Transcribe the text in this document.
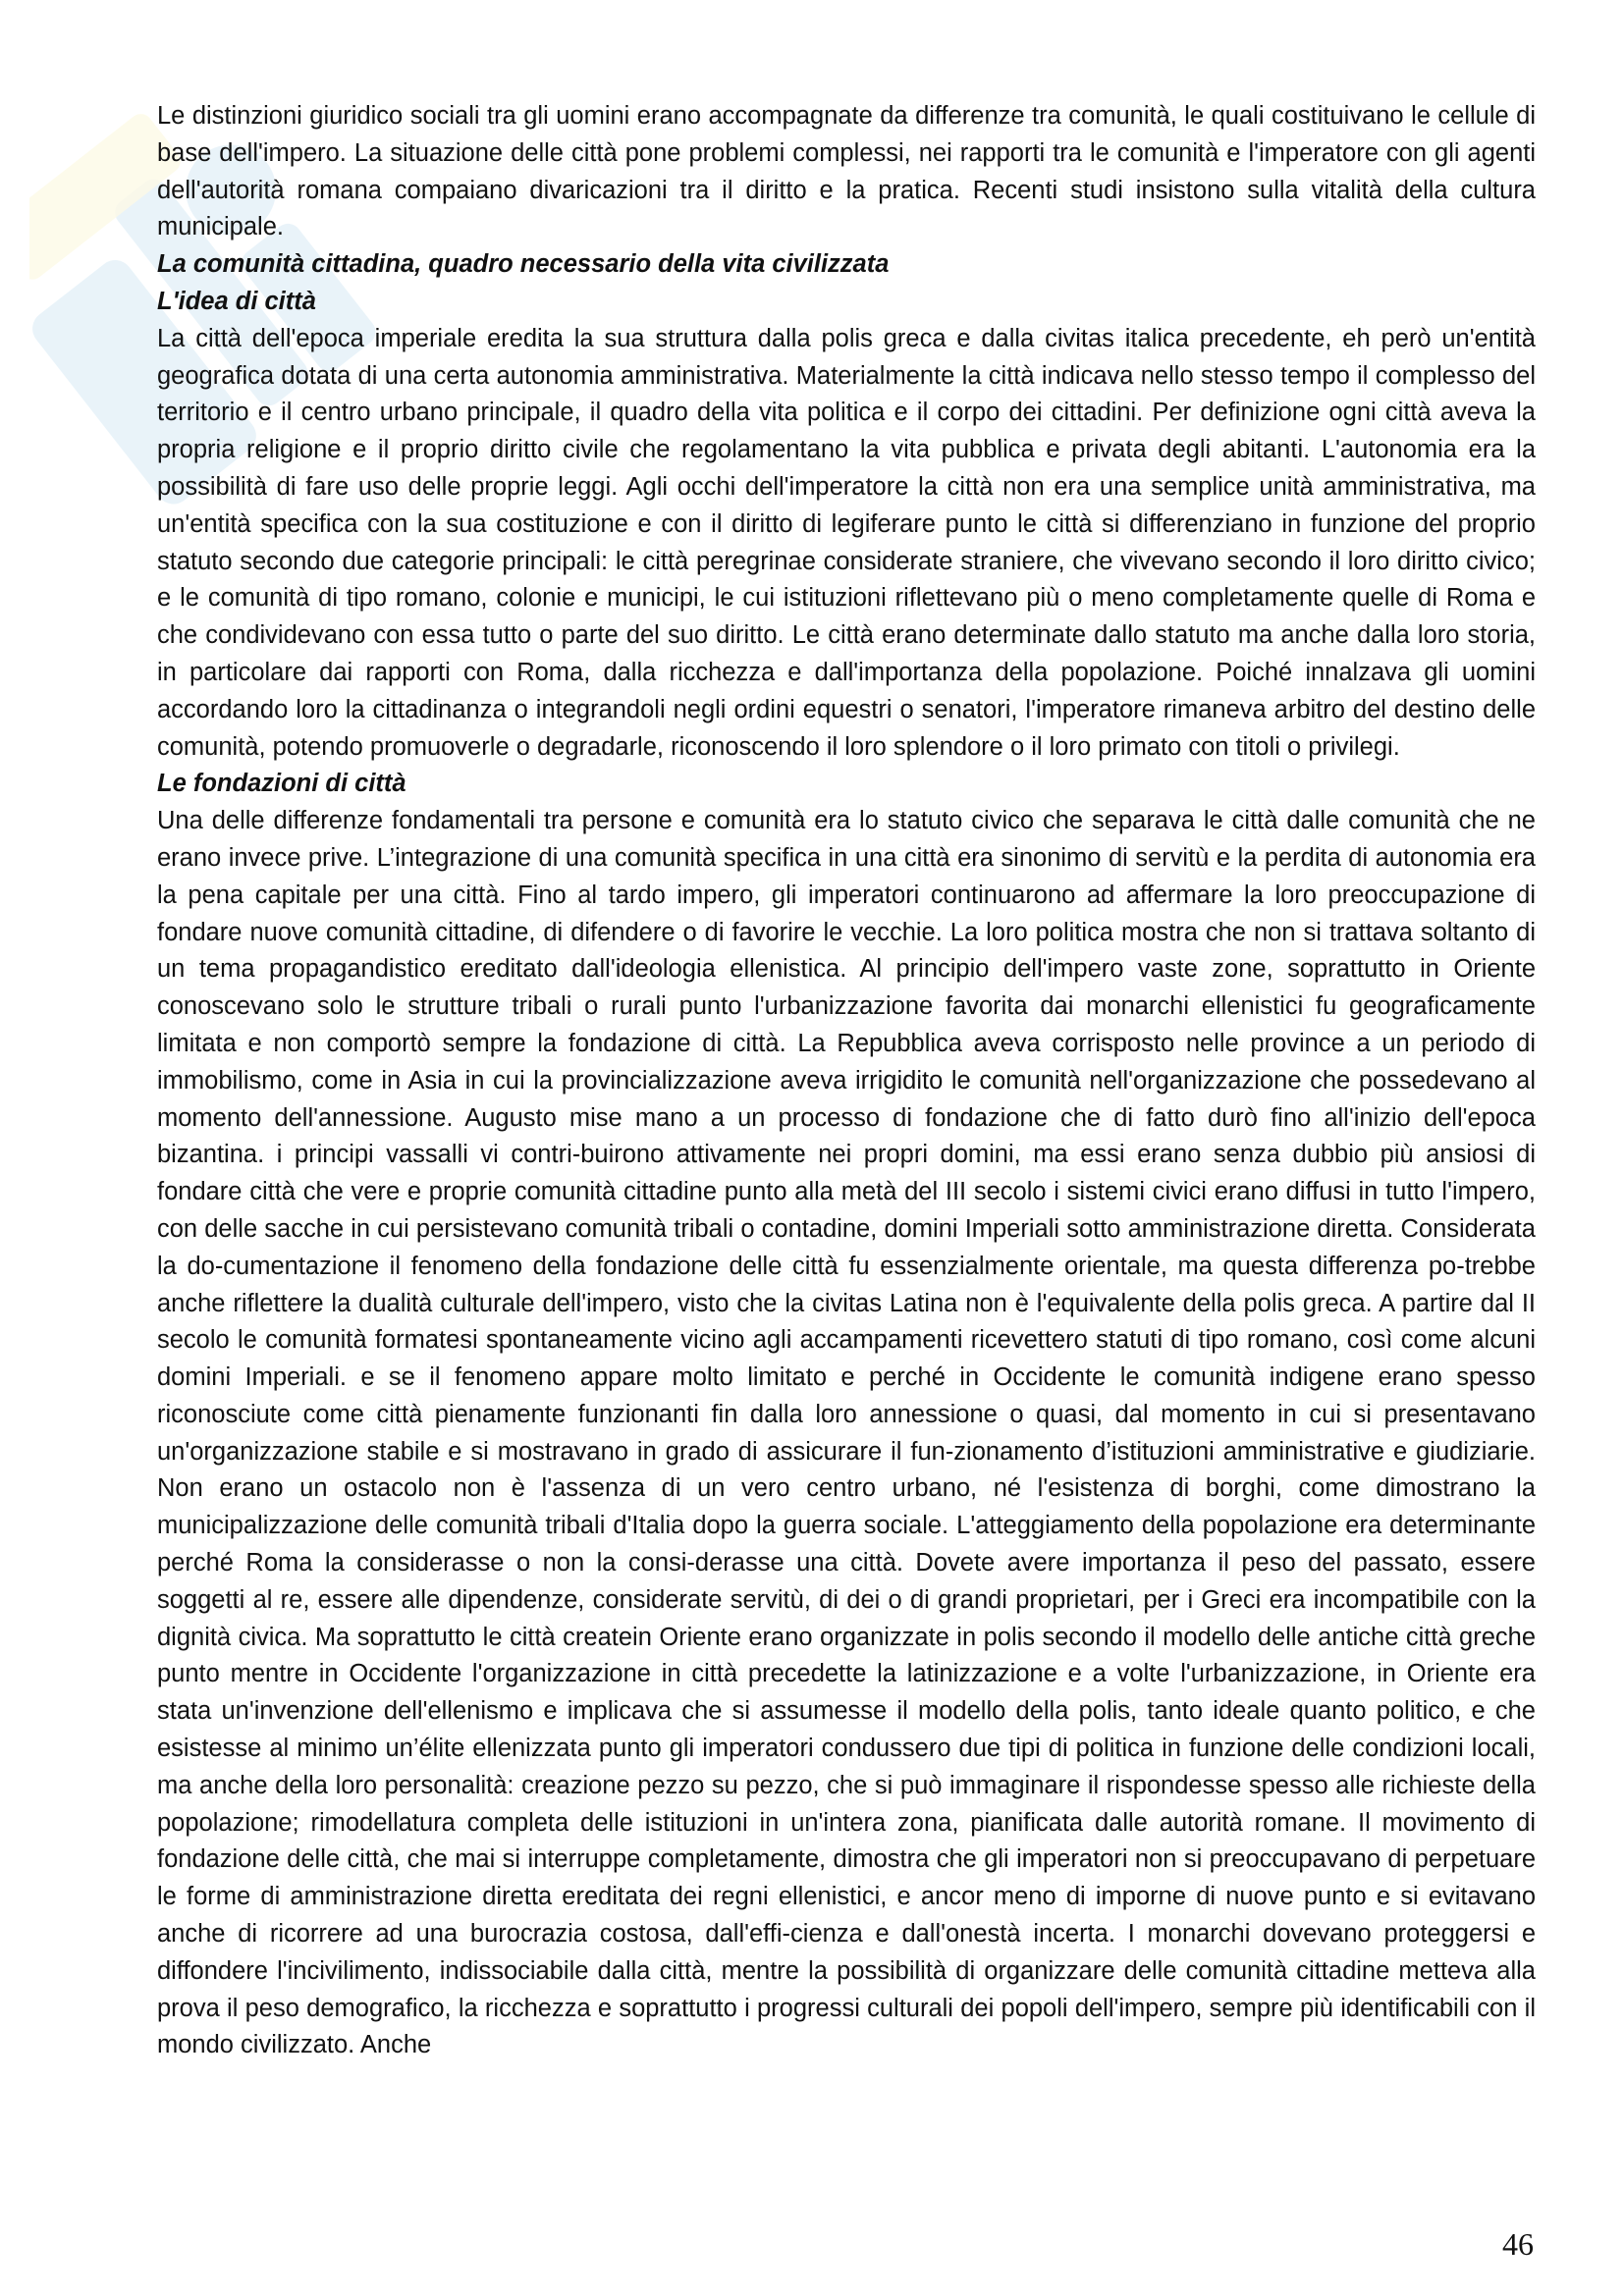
Le distinzioni giuridico sociali tra gli uomini erano accompagnate da differenze tra comunità, le quali costituivano le cellule di base dell'impero. La situazione delle città pone problemi complessi, nei rapporti tra le comunità e l'imperatore con gli agenti dell'autorità romana compaiano divaricazioni tra il diritto e la pratica. Recenti studi insistono sulla vitalità della cultura municipale.

La comunità cittadina, quadro necessario della vita civilizzata
L'idea di città

La città dell'epoca imperiale eredita la sua struttura dalla polis greca e dalla civitas italica precedente, eh però un'entità geografica dotata di una certa autonomia amministrativa. Materialmente la città indicava nello stesso tempo il complesso del territorio e il centro urbano principale, il quadro della vita politica e il corpo dei cittadini. Per definizione ogni città aveva la propria religione e il proprio diritto civile che regolamentano la vita pubblica e privata degli abitanti. L'autonomia era la possibilità di fare uso delle proprie leggi. Agli occhi dell'imperatore la città non era una semplice unità amministrativa, ma un'entità specifica con la sua costituzione e con il diritto di legiferare punto le città si differenziano in funzione del proprio statuto secondo due categorie principali: le città peregrinae considerate straniere, che vivevano secondo il loro diritto civico; e le comunità di tipo romano, colonie e municipi, le cui istituzioni riflettevano più o meno completamente quelle di Roma e che condividevano con essa tutto o parte del suo diritto. Le città erano determinate dallo statuto ma anche dalla loro storia, in particolare dai rapporti con Roma, dalla ricchezza e dall'importanza della popolazione. Poiché innalzava gli uomini accordando loro la cittadinanza o integrandoli negli ordini equestri o senatori, l'imperatore rimaneva arbitro del destino delle comunità, potendo promuoverle o degradarle, riconoscendo il loro splendore o il loro primato con titoli o privilegi.

Le fondazioni di città

Una delle differenze fondamentali tra persone e comunità era lo statuto civico che separava le città dalle comunità che ne erano invece prive. L’integrazione di una comunità specifica in una città era sinonimo di servitù e la perdita di autonomia era la pena capitale per una città. Fino al tardo impero, gli imperatori continuarono ad affermare la loro preoccupazione di fondare nuove comunità cittadine, di difendere o di favorire le vecchie. La loro politica mostra che non si trattava soltanto di un tema propagandistico ereditato dall'ideologia ellenistica. Al principio dell'impero vaste zone, soprattutto in Oriente conoscevano solo le strutture tribali o rurali punto l'urbanizzazione favorita dai monarchi ellenistici fu geograficamente limitata e non comportò sempre la fondazione di città. La Repubblica aveva corrisposto nelle province a un periodo di immobilismo, come in Asia in cui la provincializzazione aveva irrigidito le comunità nell'organizzazione che possedevano al momento dell'annessione. Augusto mise mano a un processo di fondazione che di fatto durò fino all'inizio dell'epoca bizantina. i principi vassalli vi contri-buirono attivamente nei propri domini, ma essi erano senza dubbio più ansiosi di fondare città che vere e proprie comunità cittadine punto alla metà del III secolo i sistemi civici erano diffusi in tutto l'impero, con delle sacche in cui persistevano comunità tribali o contadine, domini Imperiali sotto amministrazione diretta. Considerata la do-cumentazione il fenomeno della fondazione delle città fu essenzialmente orientale, ma questa differenza po-trebbe anche riflettere la dualità culturale dell'impero, visto che la civitas Latina non è l'equivalente della polis greca. A partire dal II secolo le comunità formatesi spontaneamente vicino agli accampamenti ricevettero statuti di tipo romano, così come alcuni domini Imperiali. e se il fenomeno appare molto limitato e perché in Occidente le comunità indigene erano spesso riconosciute come città pienamente funzionanti fin dalla loro annessione o quasi, dal momento in cui si presentavano un'organizzazione stabile e si mostravano in grado di assicurare il fun-zionamento d’istituzioni amministrative e giudiziarie. Non erano un ostacolo non è l'assenza di un vero centro urbano, né l'esistenza di borghi, come dimostrano la municipalizzazione delle comunità tribali d'Italia dopo la guerra sociale. L'atteggiamento della popolazione era determinante perché Roma la considerasse o non la consi-derasse una città. Dovete avere importanza il peso del passato, essere soggetti al re, essere alle dipendenze, considerate servitù, di dei o di grandi proprietari, per i Greci era incompatibile con la dignità civica. Ma soprattutto le città createin Oriente erano organizzate in polis secondo il modello delle antiche città greche punto mentre in Occidente l'organizzazione in città precedette la latinizzazione e a volte l'urbanizzazione, in Oriente era stata un'invenzione dell'ellenismo e implicava che si assumesse il modello della polis, tanto ideale quanto politico, e che esistesse al minimo un’élite ellenizzata punto gli imperatori condussero due tipi di politica in funzione delle condizioni locali, ma anche della loro personalità: creazione pezzo su pezzo, che si può immaginare il rispondesse spesso alle richieste della popolazione; rimodellatura completa delle istituzioni in un'intera zona, pianificata dalle autorità romane. Il movimento di fondazione delle città, che mai si interruppe completamente, dimostra che gli imperatori non si preoccupavano di perpetuare le forme di amministrazione diretta ereditata dei regni ellenistici, e ancor meno di imporne di nuove punto e si evitavano anche di ricorrere ad una burocrazia costosa, dall'effi-cienza e dall'onestà incerta. I monarchi dovevano proteggersi e diffondere l'incivilimento, indissociabile dalla città, mentre la possibilità di organizzare delle comunità cittadine metteva alla prova il peso demografico, la ricchezza e soprattutto i progressi culturali dei popoli dell'impero, sempre più identificabili con il mondo civilizzato. Anche

46
